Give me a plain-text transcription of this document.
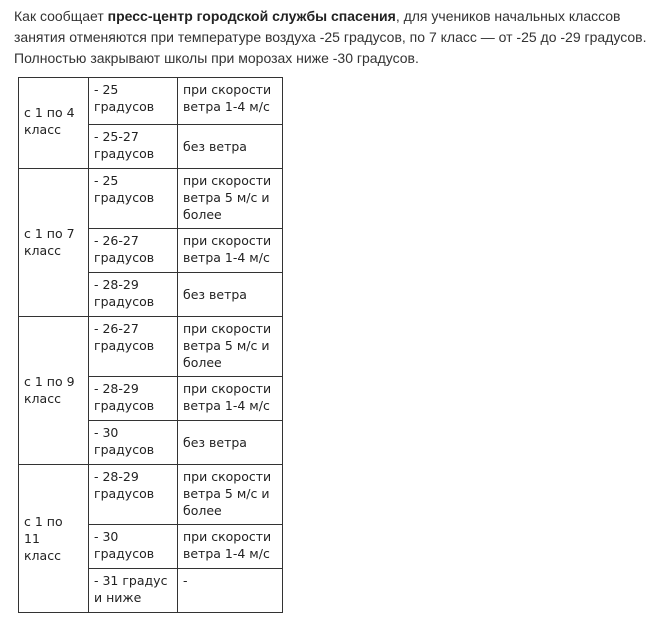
Как сообщает пресс-центр городской службы спасения, для учеников начальных классов занятия отменяются при температуре воздуха -25 градусов, по 7 класс — от -25 до -29 градусов. Полностью закрывают школы при морозах ниже -30 градусов.

с 1 по 4 класс	- 25 градусов	при скорости ветра 1-4 м/с
	- 25-27 градусов	без ветра

с 1 по 7 класс	- 25 градусов	при скорости ветра 5 м/с и более
	- 26-27 градусов	при скорости ветра 1-4 м/с
	- 28-29 градусов	без ветра

с 1 по 9 класс	- 26-27 градусов	при скорости ветра 5 м/с и более
	- 28-29 градусов	при скорости ветра 1-4 м/с
	- 30 градусов	без ветра

с 1 по 11 класс	- 28-29 градусов	при скорости ветра 5 м/с и более
	- 30 градусов	при скорости ветра 1-4 м/с
	- 31 градус и ниже	-
